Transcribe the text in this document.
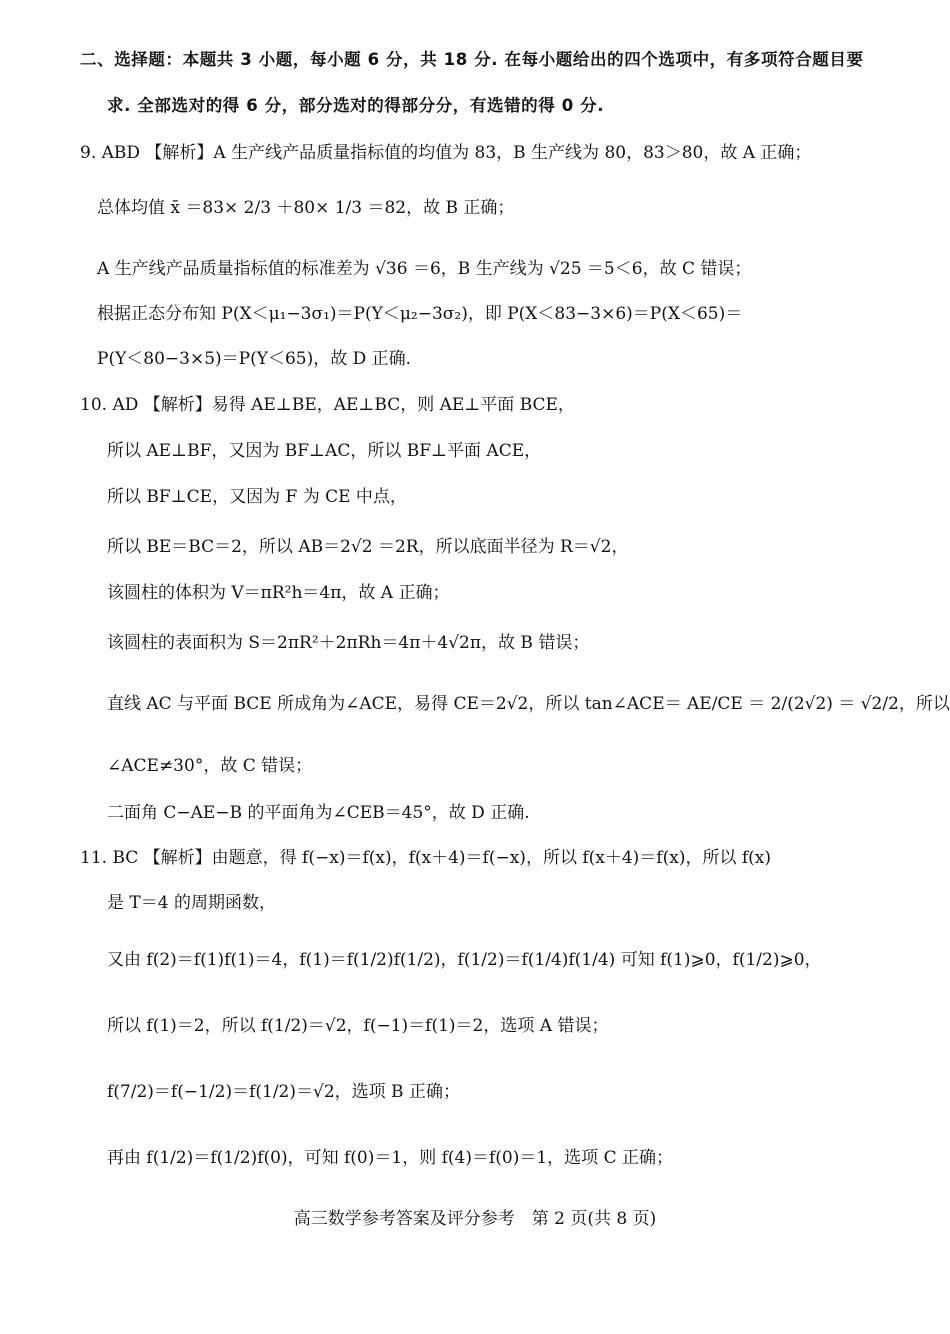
二、选择题：本题共 3 小题，每小题 6 分，共 18 分. 在每小题给出的四个选项中，有多项符合题目要
求. 全部选对的得 6 分，部分选对的得部分分，有选错的得 0 分.
9. ABD 【解析】A 生产线产品质量指标值的均值为 83，B 生产线为 80，83＞80，故 A 正确；
总体均值 x̄ ＝83× 2/3 ＋80× 1/3 ＝82，故 B 正确；
A 生产线产品质量指标值的标准差为 √36 ＝6，B 生产线为 √25 ＝5＜6，故 C 错误；
根据正态分布知 P(X＜μ₁−3σ₁)＝P(Y＜μ₂−3σ₂)，即 P(X＜83−3×6)＝P(X＜65)＝
P(Y＜80−3×5)＝P(Y＜65)，故 D 正确.
10. AD 【解析】易得 AE⊥BE，AE⊥BC，则 AE⊥平面 BCE，
所以 AE⊥BF，又因为 BF⊥AC，所以 BF⊥平面 ACE，
所以 BF⊥CE，又因为 F 为 CE 中点，
所以 BE＝BC＝2，所以 AB＝2√2 ＝2R，所以底面半径为 R＝√2，
该圆柱的体积为 V＝πR²h＝4π，故 A 正确；
该圆柱的表面积为 S＝2πR²＋2πRh＝4π＋4√2π，故 B 错误；
直线 AC 与平面 BCE 所成角为∠ACE，易得 CE＝2√2，所以 tan∠ACE＝ AE/CE ＝ 2/(2√2) ＝ √2/2，所以
∠ACE≠30°，故 C 错误；
二面角 C−AE−B 的平面角为∠CEB＝45°，故 D 正确.
11. BC 【解析】由题意，得 f(−x)＝f(x)，f(x＋4)＝f(−x)，所以 f(x＋4)＝f(x)，所以 f(x)
是 T＝4 的周期函数，
又由 f(2)＝f(1)f(1)＝4，f(1)＝f(1/2)f(1/2)，f(1/2)＝f(1/4)f(1/4) 可知 f(1)⩾0，f(1/2)⩾0，
所以 f(1)＝2，所以 f(1/2)＝√2，f(−1)＝f(1)＝2，选项 A 错误；
f(7/2)＝f(−1/2)＝f(1/2)＝√2，选项 B 正确；
再由 f(1/2)＝f(1/2)f(0)，可知 f(0)＝1，则 f(4)＝f(0)＝1，选项 C 正确；
高三数学参考答案及评分参考　第 2 页(共 8 页)
